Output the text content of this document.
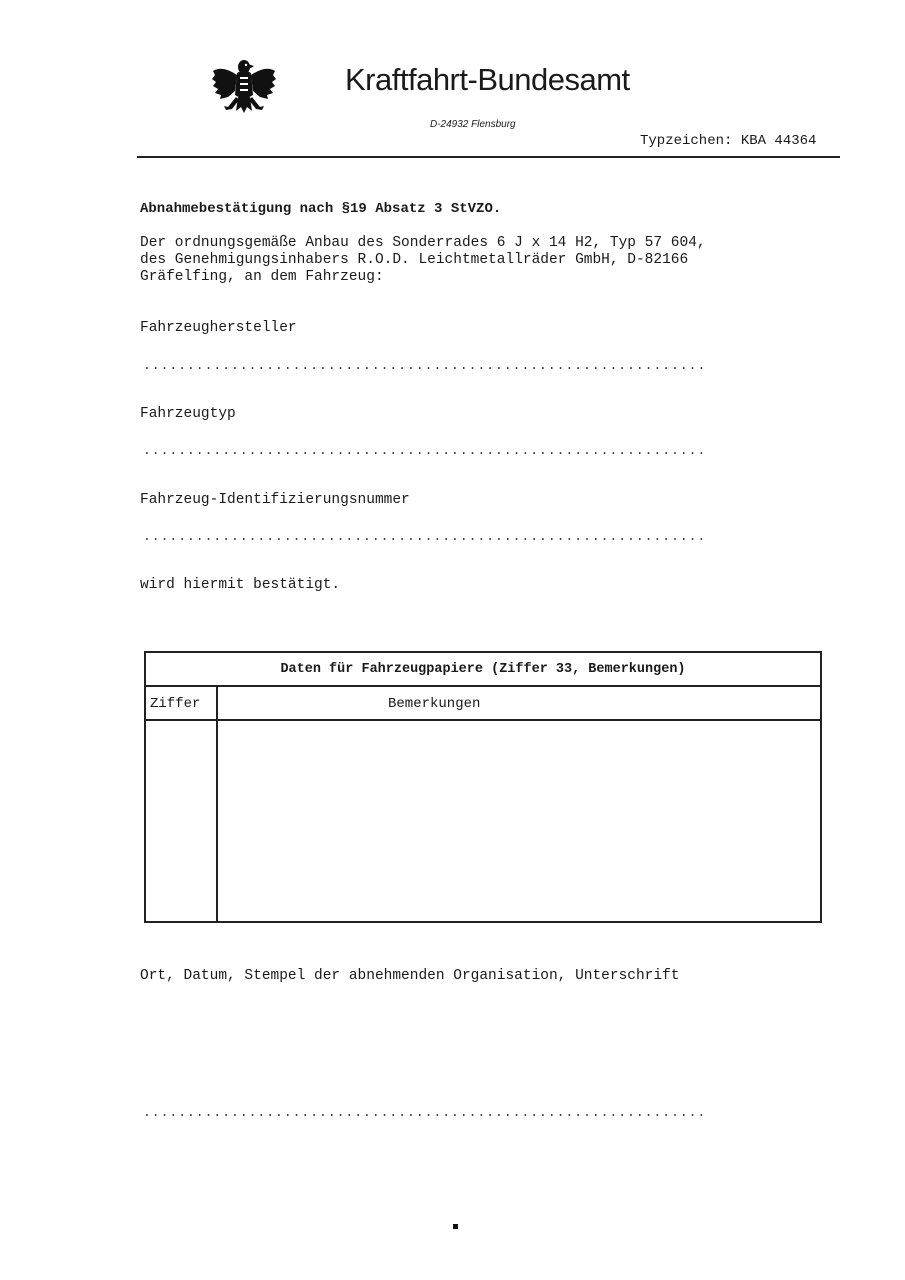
Kraftfahrt-Bundesamt
D-24932 Flensburg
Typzeichen: KBA 44364
Abnahmebestätigung nach §19 Absatz 3 StVZO.
Der ordnungsgemäße Anbau des Sonderrades 6 J x 14 H2, Typ 57 604,
des Genehmigungsinhabers R.O.D. Leichtmetallräder GmbH, D-82166
Gräfelfing, an dem Fahrzeug:
Fahrzeughersteller
................................................................
Fahrzeugtyp
................................................................
Fahrzeug-Identifizierungsnummer
................................................................
wird hiermit bestätigt.
Daten für Fahrzeugpapiere (Ziffer 33, Bemerkungen)
Ziffer	Bemerkungen
Ort, Datum, Stempel der abnehmenden Organisation, Unterschrift
................................................................
